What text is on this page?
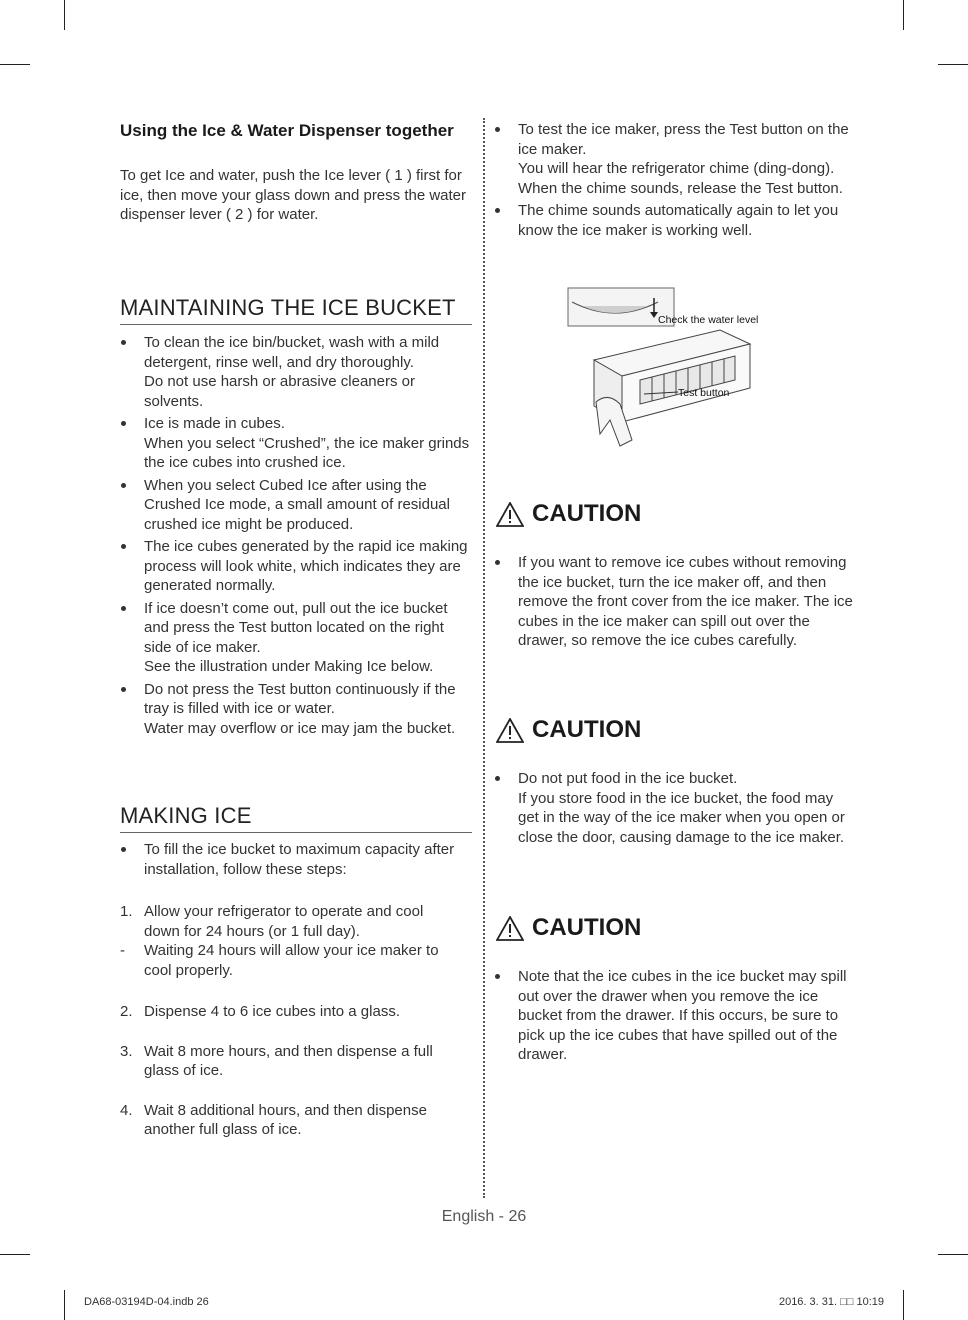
Using the Ice & Water Dispenser together
To get Ice and water, push the Ice lever ( 1 ) first for ice, then move your glass down and press the water dispenser lever ( 2 ) for water.
MAINTAINING THE ICE BUCKET
To clean the ice bin/bucket, wash with a mild detergent, rinse well, and dry thoroughly.
Do not use harsh or abrasive cleaners or solvents.
Ice is made in cubes.
When you select “Crushed”, the ice maker grinds the ice cubes into crushed ice.
When you select Cubed Ice after using the Crushed Ice mode, a small amount of residual crushed ice might be produced.
The ice cubes generated by the rapid ice making process will look white, which indicates they are generated normally.
If ice doesn’t come out, pull out the ice bucket and press the Test button located on the right side of ice maker.
See the illustration under Making Ice below.
Do not press the Test button continuously if the tray is filled with ice or water.
Water may overflow or ice may jam the bucket.
MAKING ICE
To fill the ice bucket to maximum capacity after installation, follow these steps:
1. Allow your refrigerator to operate and cool down for 24 hours (or 1 full day).
- Waiting 24 hours will allow your ice maker to cool properly.
2. Dispense 4 to 6 ice cubes into a glass.
3. Wait 8 more hours, and then dispense a full glass of ice.
4. Wait 8 additional hours, and then dispense another full glass of ice.
To test the ice maker, press the Test button on the ice maker.
You will hear the refrigerator chime (ding-dong). When the chime sounds, release the Test button.
The chime sounds automatically again to let you know the ice maker is working well.
Check the water level
Test button
CAUTION
If you want to remove ice cubes without removing the ice bucket, turn the ice maker off, and then remove the front cover from the ice maker. The ice cubes in the ice maker can spill out over the drawer, so remove the ice cubes carefully.
CAUTION
Do not put food in the ice bucket.
If you store food in the ice bucket, the food may get in the way of the ice maker when you open or close the door, causing damage to the ice maker.
CAUTION
Note that the ice cubes in the ice bucket may spill out over the drawer when you remove the ice bucket from the drawer. If this occurs, be sure to pick up the ice cubes that have spilled out of the drawer.
English - 26
DA68-03194D-04.indb 26	2016. 3. 31. □□ 10:19
